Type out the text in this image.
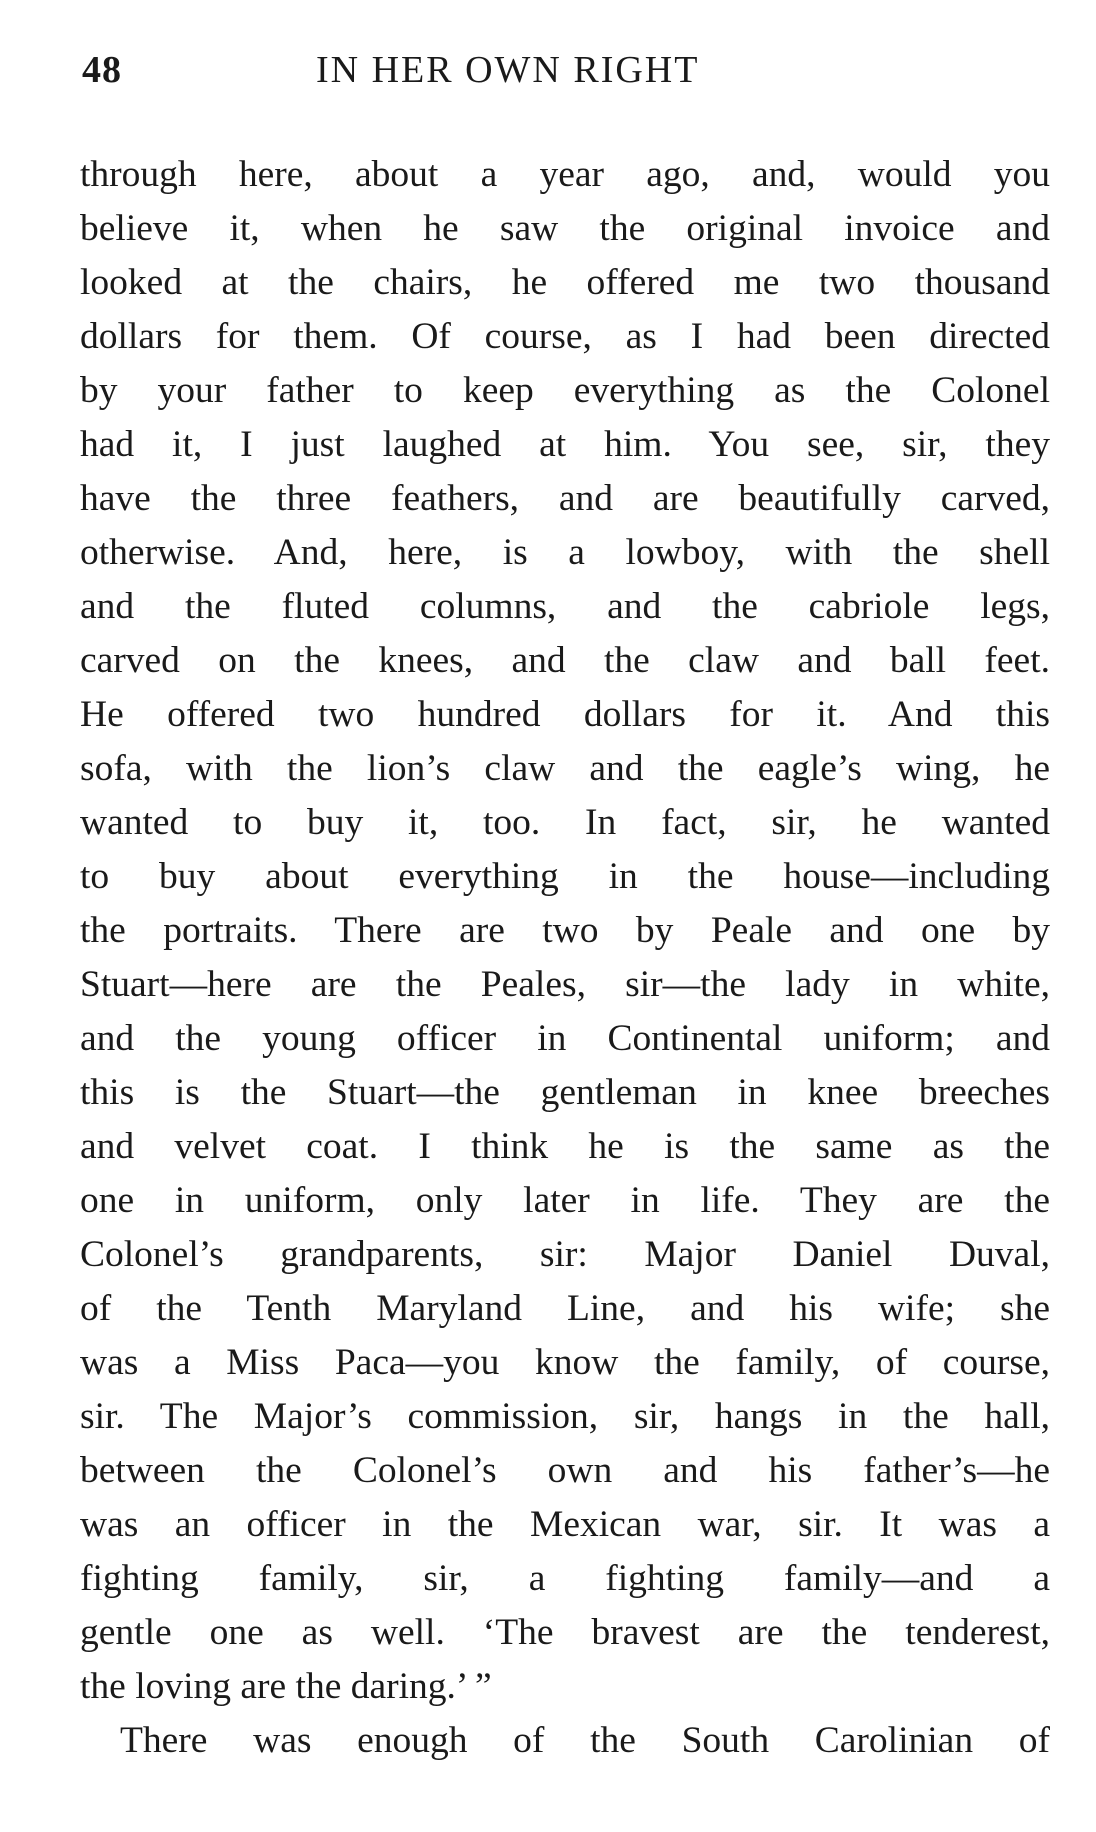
48	IN HER OWN RIGHT
through here, about a year ago, and, would you
believe it, when he saw the original invoice and
looked at the chairs, he offered me two thousand
dollars for them. Of course, as I had been directed
by your father to keep everything as the Colonel
had it, I just laughed at him. You see, sir, they
have the three feathers, and are beautifully carved,
otherwise. And, here, is a lowboy, with the shell
and the fluted columns, and the cabriole legs,
carved on the knees, and the claw and ball feet.
He offered two hundred dollars for it. And this
sofa, with the lion’s claw and the eagle’s wing, he
wanted to buy it, too. In fact, sir, he wanted
to buy about everything in the house—including
the portraits. There are two by Peale and one by
Stuart—here are the Peales, sir—the lady in white,
and the young officer in Continental uniform; and
this is the Stuart—the gentleman in knee breeches
and velvet coat. I think he is the same as the
one in uniform, only later in life. They are the
Colonel’s grandparents, sir: Major Daniel Duval,
of the Tenth Maryland Line, and his wife; she
was a Miss Paca—you know the family, of course,
sir. The Major’s commission, sir, hangs in the hall,
between the Colonel’s own and his father’s—he
was an officer in the Mexican war, sir. It was a
fighting family, sir, a fighting family—and a
gentle one as well. ‘The bravest are the tenderest,
the loving are the daring.’ ”
There was enough of the South Carolinian of
